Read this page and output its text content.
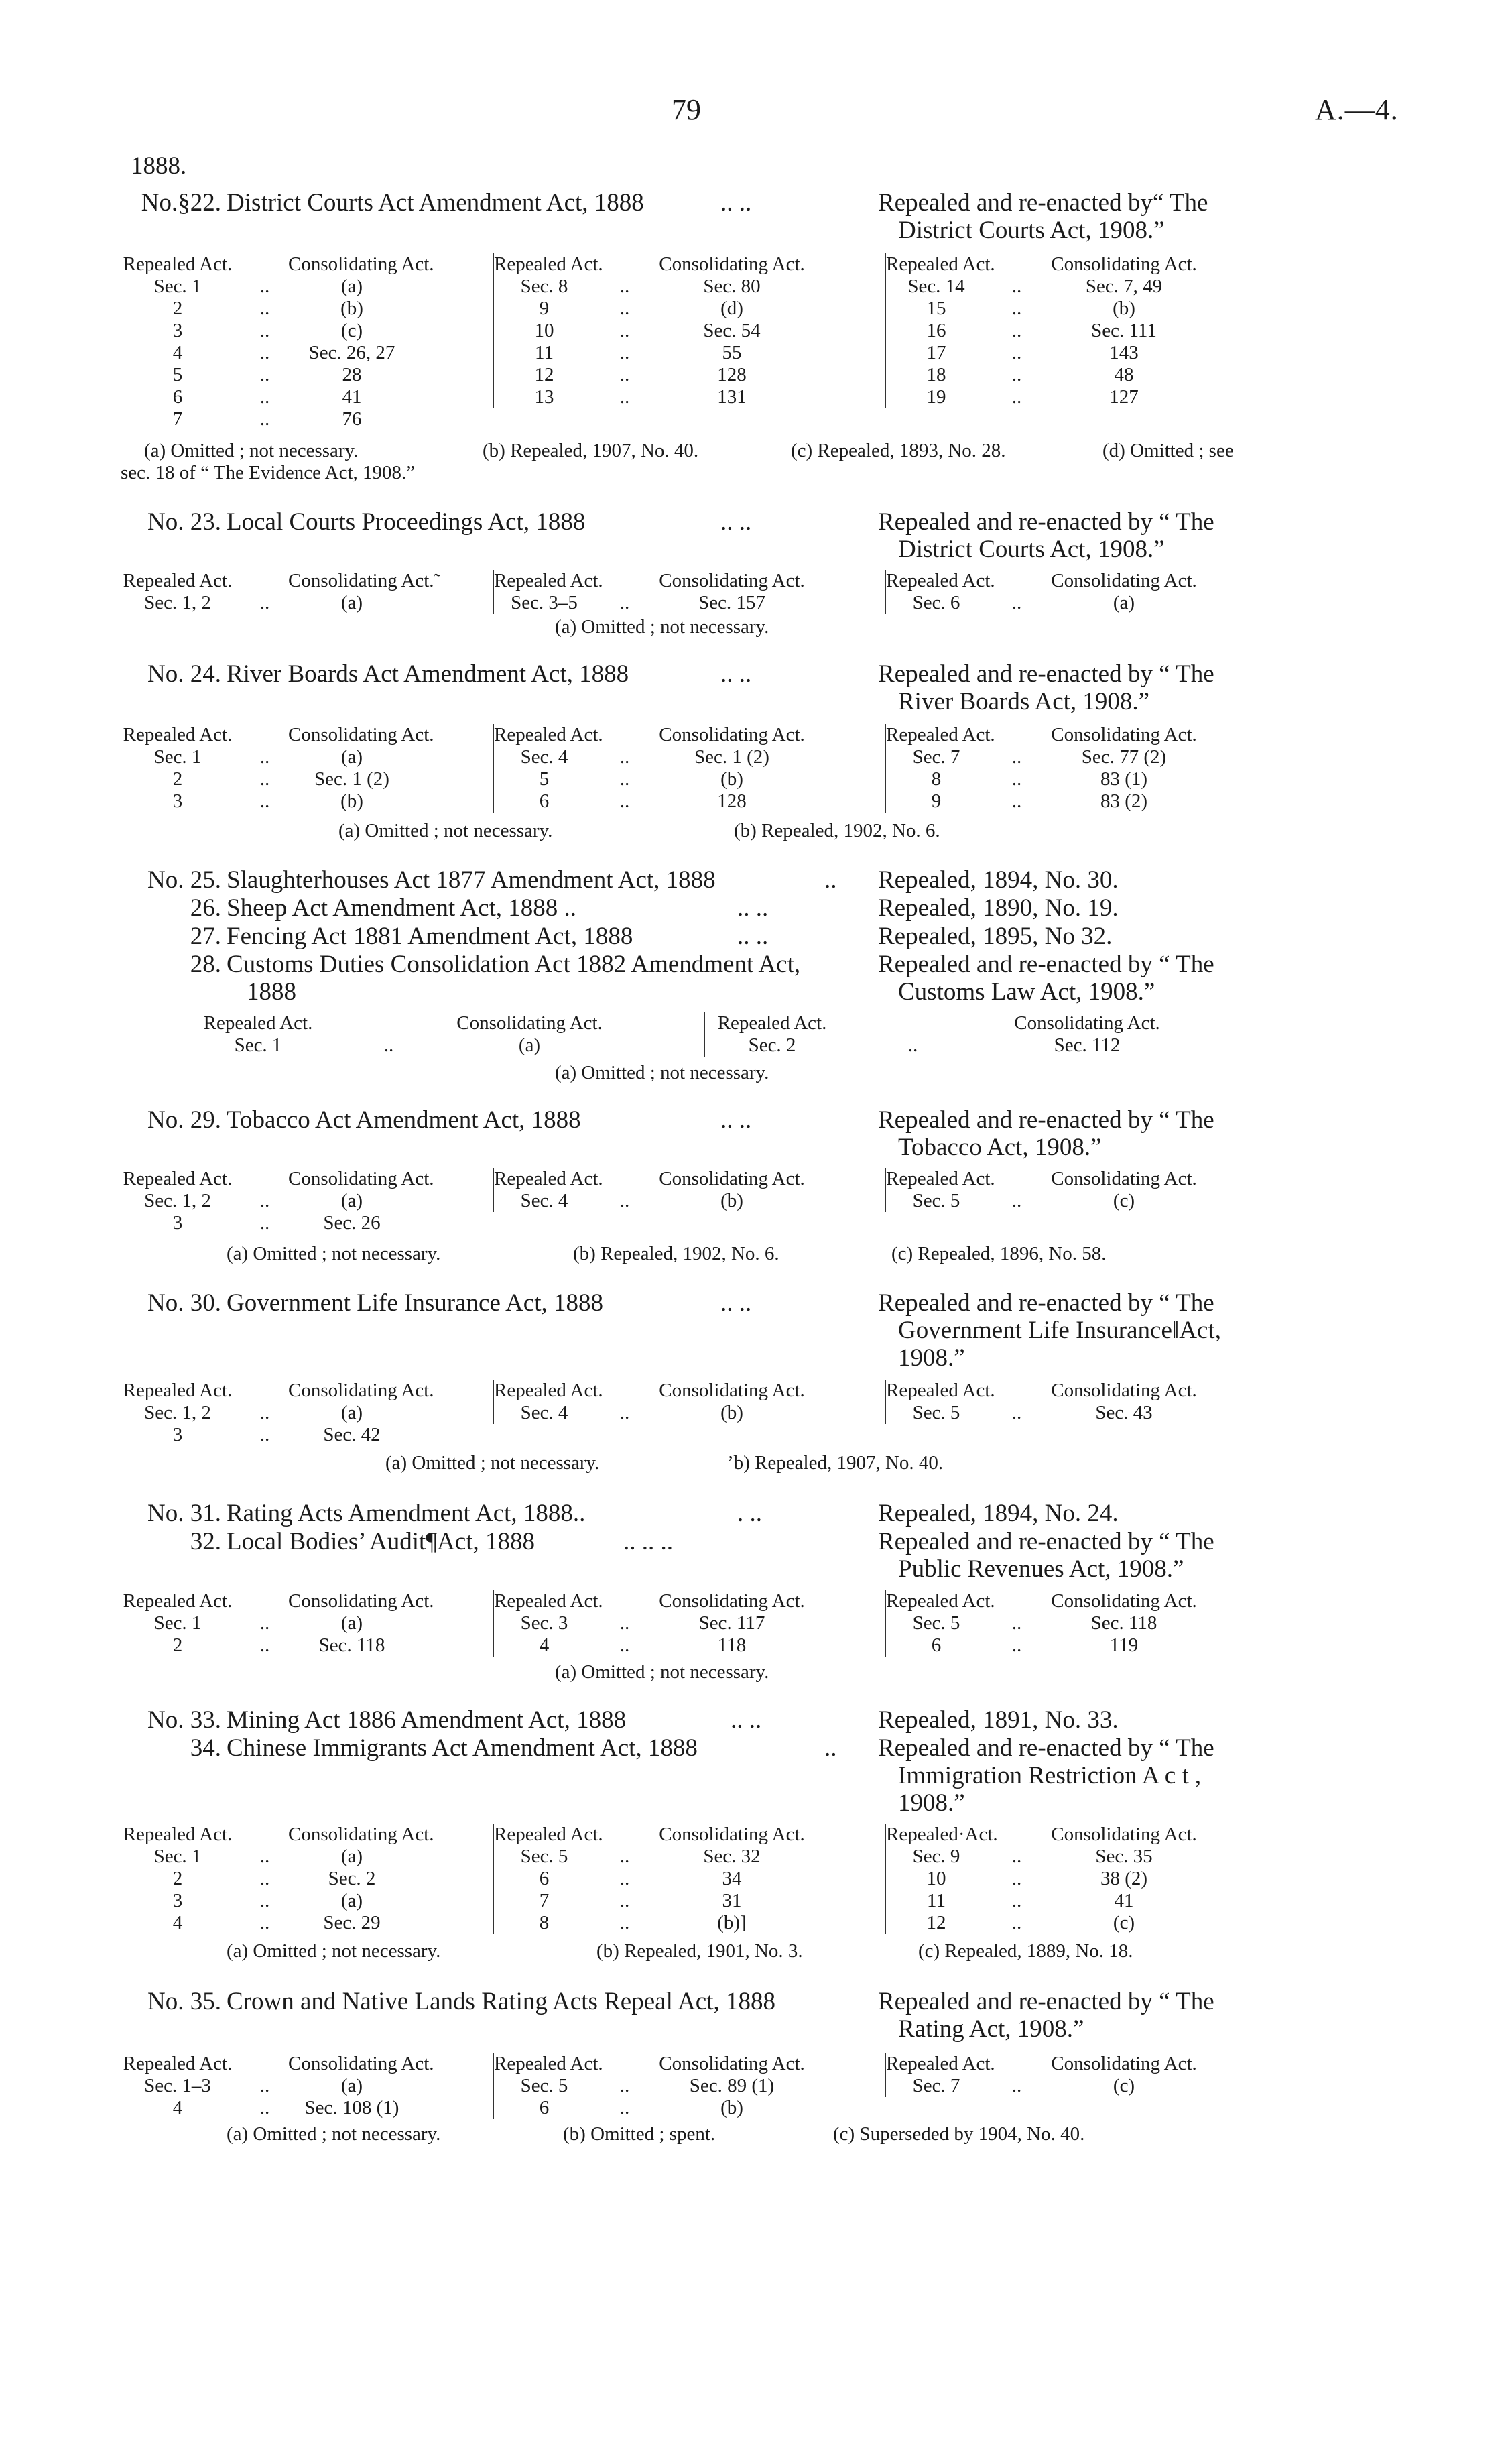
79	A.—4.
1888.
No.§22. District Courts Act Amendment Act, 1888	.. ..	Repealed and re-enacted by“ The
District Courts Act, 1908.”
Repealed Act.	Consolidating Act.
Sec. 1	..	(a)
2	..	(b)
3	..	(c)
4	..	Sec. 26, 27
5	..	28
6	..	41
7	..	76
Repealed Act.	Consolidating Act.
Sec. 8	..	Sec. 80
9	..	(d)
10	..	Sec. 54
11	..	55
12	..	128
13	..	131
Repealed Act.	Consolidating Act.
Sec. 14	..	Sec. 7, 49
15	..	(b)
16	..	Sec. 111
17	..	143
18	..	48
19	..	127
(a) Omitted ; not necessary.	(b) Repealed, 1907, No. 40.	(c) Repealed, 1893, No. 28.	(d) Omitted ; see
sec. 18 of “ The Evidence Act, 1908.”
No. 23. Local Courts Proceedings Act, 1888	.. ..	Repealed and re-enacted by “ The
District Courts Act, 1908.”
Repealed Act.	Consolidating Act.̃
Sec. 1, 2	..	(a)
Repealed Act.	Consolidating Act.
Sec. 3–5	..	Sec. 157
Repealed Act.	Consolidating Act.
Sec. 6	..	(a)
(a) Omitted ; not necessary.
No. 24. River Boards Act Amendment Act, 1888	.. ..	Repealed and re-enacted by “ The
River Boards Act, 1908.”
Repealed Act.	Consolidating Act.
Sec. 1	..	(a)
2	..	Sec. 1 (2)
3	..	(b)
Repealed Act.	Consolidating Act.
Sec. 4	..	Sec. 1 (2)
5	..	(b)
6	..	128
Repealed Act.	Consolidating Act.
Sec. 7	..	Sec. 77 (2)
8	..	83 (1)
9	..	83 (2)
(a) Omitted ; not necessary.	(b) Repealed, 1902, No. 6.
No. 25. Slaughterhouses Act 1877 Amendment Act, 1888	.. Repealed, 1894, No. 30.
26. Sheep Act Amendment Act, 1888 ..	.. ..	Repealed, 1890, No. 19.
27. Fencing Act 1881 Amendment Act, 1888	.. ..	Repealed, 1895, No 32.
28. Customs Duties Consolidation Act 1882 Amendment Act,
1888
Repealed and re-enacted by “ The
Customs Law Act, 1908.”
Repealed Act.	Consolidating Act.
Sec. 1	..	(a)
Repealed Act.	Consolidating Act.
Sec. 2	..	Sec. 112
(a) Omitted ; not necessary.
No. 29. Tobacco Act Amendment Act, 1888	.. ..	Repealed and re-enacted by “ The
Tobacco Act, 1908.”
Repealed Act.	Consolidating Act.
Sec. 1, 2	..	(a)
3	..	Sec. 26
Repealed Act.	Consolidating Act.
Sec. 4	..	(b)
Repealed Act.	Consolidating Act.
Sec. 5	..	(c)
(a) Omitted ; not necessary.	(b) Repealed, 1902, No. 6.	(c) Repealed, 1896, No. 58.
No. 30. Government Life Insurance Act, 1888	.. ..	Repealed and re-enacted by “ The
Government Life Insurance‖Act,
1908.”
Repealed Act.	Consolidating Act.
Sec. 1, 2	..	(a)
3	..	Sec. 42
Repealed Act.	Consolidating Act.
Sec. 4	..	(b)
Repealed Act.	Consolidating Act.
Sec. 5	..	Sec. 43
(a) Omitted ; not necessary.	’b) Repealed, 1907, No. 40.
No. 31. Rating Acts Amendment Act, 1888..	. ..	Repealed, 1894, No. 24.
32. Local Bodies’ Audit¶Act, 1888	.. .. ..	Repealed and re-enacted by “ The
Public Revenues Act, 1908.”
Repealed Act.	Consolidating Act.
Sec. 1	..	(a)
2	..	Sec. 118
Repealed Act.	Consolidating Act.
Sec. 3	..	Sec. 117
4	..	118
Repealed Act.	Consolidating Act.
Sec. 5	..	Sec. 118
6	..	119
(a) Omitted ; not necessary.
No. 33. Mining Act 1886 Amendment Act, 1888	.. ..	Repealed, 1891, No. 33.
34. Chinese Immigrants Act Amendment Act, 1888	.. Repealed and re-enacted by “ The
Immigration Restriction A c t ,
1908.”
Repealed Act.	Consolidating Act.
Sec. 1	..	(a)
2	..	Sec. 2
3	..	(a)
4	..	Sec. 29
Repealed Act.	Consolidating Act.
Sec. 5	..	Sec. 32
6	..	34
7	..	31
8	..	(b)]
Repealed·Act.	Consolidating Act.
Sec. 9	..	Sec. 35
10	..	38 (2)
11	..	41
12	..	(c)
(a) Omitted ; not necessary.	(b) Repealed, 1901, No. 3.	(c) Repealed, 1889, No. 18.
No. 35. Crown and Native Lands Rating Acts Repeal Act, 1888	Repealed and re-enacted by “ The
Rating Act, 1908.”
Repealed Act.	Consolidating Act.
Sec. 1–3	..	(a)
4	..	Sec. 108 (1)
Repealed Act.	Consolidating Act.
Sec. 5	..	Sec. 89 (1)
6	..	(b)
Repealed Act.	Consolidating Act.
Sec. 7	..	(c)
(a) Omitted ; not necessary.	(b) Omitted ; spent.	(c) Superseded by 1904, No. 40.
